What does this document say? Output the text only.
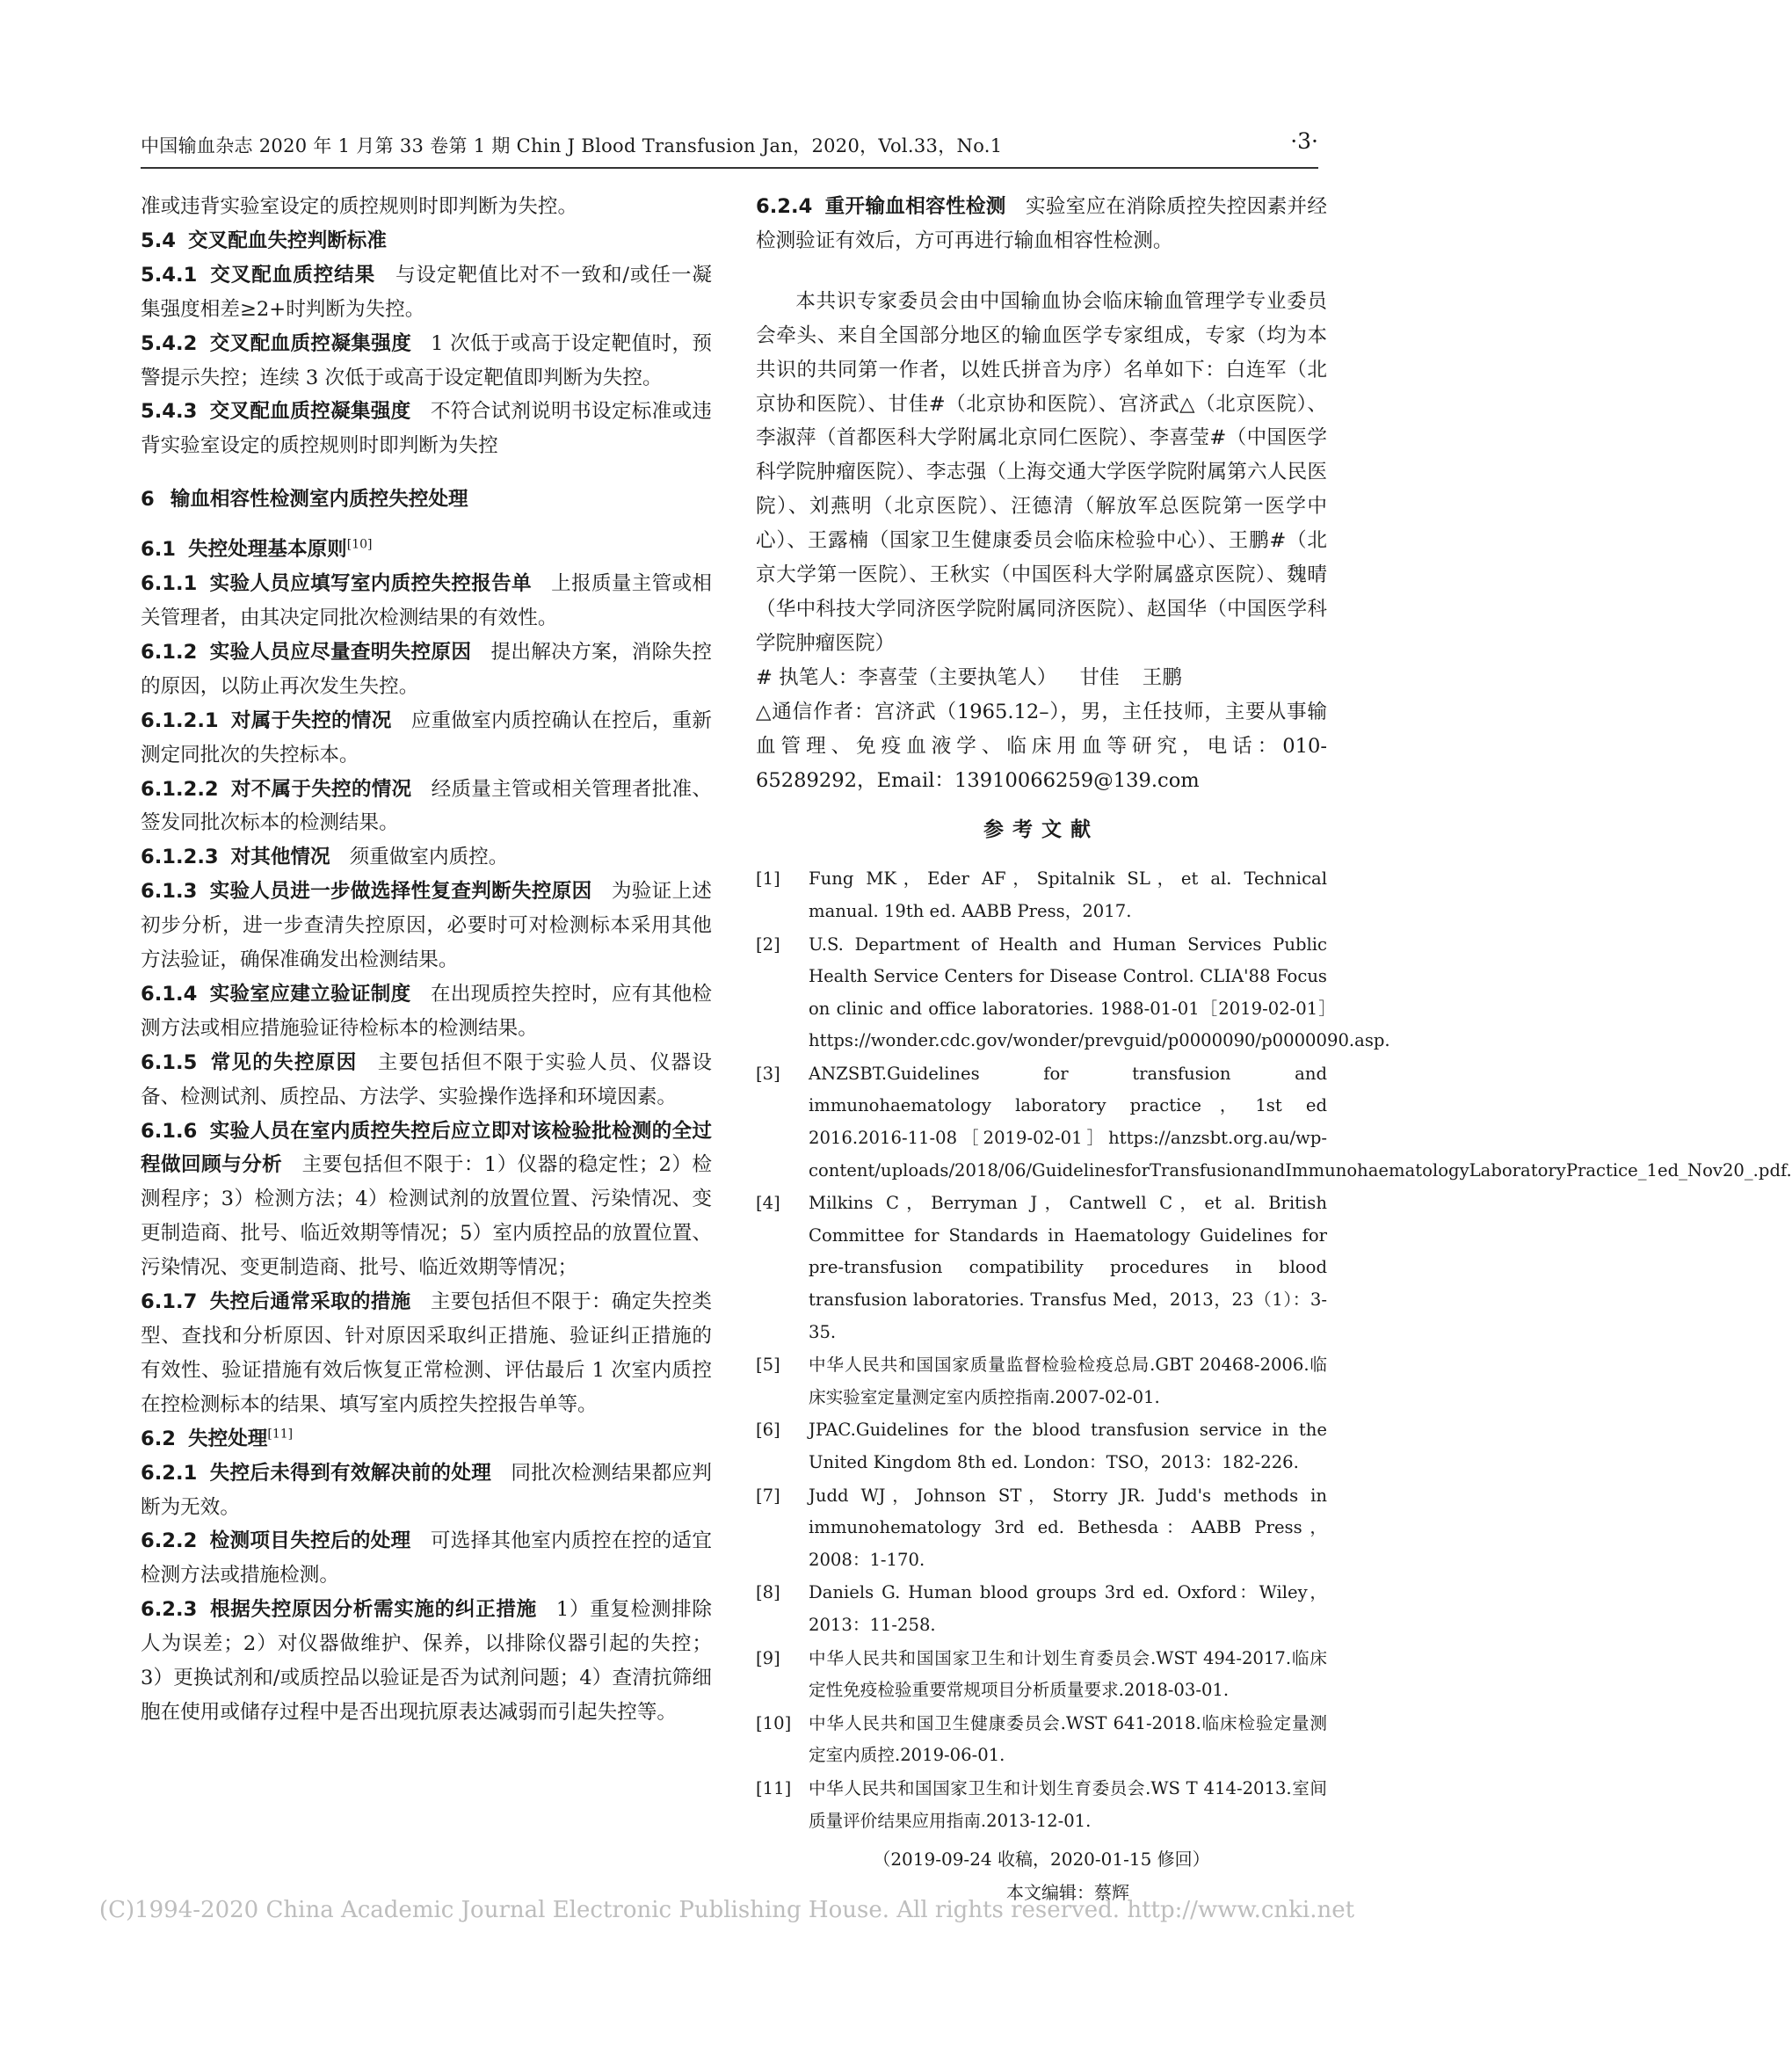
中国输血杂志 2020 年 1 月第 33 卷第 1 期 Chin J Blood Transfusion Jan，2020，Vol.33，No.1	·3·

准或违背实验室设定的质控规则时即判断为失控。

5.4 交叉配血失控判断标准

5.4.1 交叉配血质控结果 与设定靶值比对不一致和/或任一凝集强度相差≥2+时判断为失控。

5.4.2 交叉配血质控凝集强度 1 次低于或高于设定靶值时，预警提示失控；连续 3 次低于或高于设定靶值即判断为失控。

5.4.3 交叉配血质控凝集强度 不符合试剂说明书设定标准或违背实验室设定的质控规则时即判断为失控

6 输血相容性检测室内质控失控处理

6.1 失控处理基本原则[10]

6.1.1 实验人员应填写室内质控失控报告单 上报质量主管或相关管理者，由其决定同批次检测结果的有效性。

6.1.2 实验人员应尽量查明失控原因 提出解决方案，消除失控的原因，以防止再次发生失控。

6.1.2.1 对属于失控的情况 应重做室内质控确认在控后，重新测定同批次的失控标本。

6.1.2.2 对不属于失控的情况 经质量主管或相关管理者批准、签发同批次标本的检测结果。

6.1.2.3 对其他情况 须重做室内质控。

6.1.3 实验人员进一步做选择性复查判断失控原因 为验证上述初步分析，进一步查清失控原因，必要时可对检测标本采用其他方法验证，确保准确发出检测结果。

6.1.4 实验室应建立验证制度 在出现质控失控时，应有其他检测方法或相应措施验证待检标本的检测结果。

6.1.5 常见的失控原因 主要包括但不限于实验人员、仪器设备、检测试剂、质控品、方法学、实验操作选择和环境因素。

6.1.6 实验人员在室内质控失控后应立即对该检验批检测的全过程做回顾与分析 主要包括但不限于：1）仪器的稳定性；2）检测程序；3）检测方法；4）检测试剂的放置位置、污染情况、变更制造商、批号、临近效期等情况；5）室内质控品的放置位置、污染情况、变更制造商、批号、临近效期等情况；

6.1.7 失控后通常采取的措施 主要包括但不限于：确定失控类型、查找和分析原因、针对原因采取纠正措施、验证纠正措施的有效性、验证措施有效后恢复正常检测、评估最后 1 次室内质控在控检测标本的结果、填写室内质控失控报告单等。

6.2 失控处理[11]

6.2.1 失控后未得到有效解决前的处理 同批次检测结果都应判断为无效。

6.2.2 检测项目失控后的处理 可选择其他室内质控在控的适宜检测方法或措施检测。

6.2.3 根据失控原因分析需实施的纠正措施 1）重复检测排除人为误差；2）对仪器做维护、保养，以排除仪器引起的失控；3）更换试剂和/或质控品以验证是否为试剂问题；4）查清抗筛细胞在使用或储存过程中是否出现抗原表达减弱而引起失控等。

6.2.4 重开输血相容性检测 实验室应在消除质控失控因素并经检测验证有效后，方可再进行输血相容性检测。

本共识专家委员会由中国输血协会临床输血管理学专业委员会牵头、来自全国部分地区的输血医学专家组成，专家（均为本共识的共同第一作者，以姓氏拼音为序）名单如下：白连军（北京协和医院）、甘佳#（北京协和医院）、宫济武△（北京医院）、李淑萍（首都医科大学附属北京同仁医院）、李喜莹#（中国医学科学院肿瘤医院）、李志强（上海交通大学医学院附属第六人民医院）、刘燕明（北京医院）、汪德清（解放军总医院第一医学中心）、王露楠（国家卫生健康委员会临床检验中心）、王鹏#（北京大学第一医院）、王秋实（中国医科大学附属盛京医院）、魏晴（华中科技大学同济医学院附属同济医院）、赵国华（中国医学科学院肿瘤医院）

# 执笔人：李喜莹（主要执笔人） 甘佳 王鹏

△通信作者：宫济武（1965.12–），男，主任技师，主要从事输血管理、免疫血液学、临床用血等研究，电话：010-65289292，Email：13910066259@139.com

参考文献
[1] Fung MK，Eder AF，Spitalnik SL，et al. Technical manual. 19th ed. AABB Press，2017.
[2] U.S. Department of Health and Human Services Public Health Service Centers for Disease Control. CLIA'88 Focus on clinic and office laboratories. 1988-01-01［2019-02-01］https://wonder.cdc.gov/wonder/prevguid/p0000090/p0000090.asp.
[3] ANZSBT.Guidelines for transfusion and immunohaematology laboratory practice，1st ed 2016.2016-11-08［2019-02-01］https://anzsbt.org.au/wp-content/uploads/2018/06/GuidelinesforTransfusionandImmunohaematologyLaboratoryPractice_1ed_Nov20_.pdf.
[4] Milkins C，Berryman J，Cantwell C，et al. British Committee for Standards in Haematology Guidelines for pre-transfusion compatibility procedures in blood transfusion laboratories. Transfus Med，2013，23（1）：3-35.
[5] 中华人民共和国国家质量监督检验检疫总局.GBT 20468-2006.临床实验室定量测定室内质控指南.2007-02-01.
[6] JPAC.Guidelines for the blood transfusion service in the United Kingdom 8th ed. London：TSO，2013：182-226.
[7] Judd WJ，Johnson ST，Storry JR. Judd's methods in immunohematology 3rd ed. Bethesda：AABB Press，2008：1-170.
[8] Daniels G. Human blood groups 3rd ed. Oxford：Wiley，2013：11-258.
[9] 中华人民共和国国家卫生和计划生育委员会.WST 494-2017.临床定性免疫检验重要常规项目分析质量要求.2018-03-01.
[10] 中华人民共和国卫生健康委员会.WST 641-2018.临床检验定量测定室内质控.2019-06-01.
[11] 中华人民共和国国家卫生和计划生育委员会.WS T 414-2013.室间质量评价结果应用指南.2013-12-01.
（2019-09-24 收稿，2020-01-15 修回）
本文编辑：蔡辉
(C)1994-2020 China Academic Journal Electronic Publishing House. All rights reserved. http://www.cnki.net
